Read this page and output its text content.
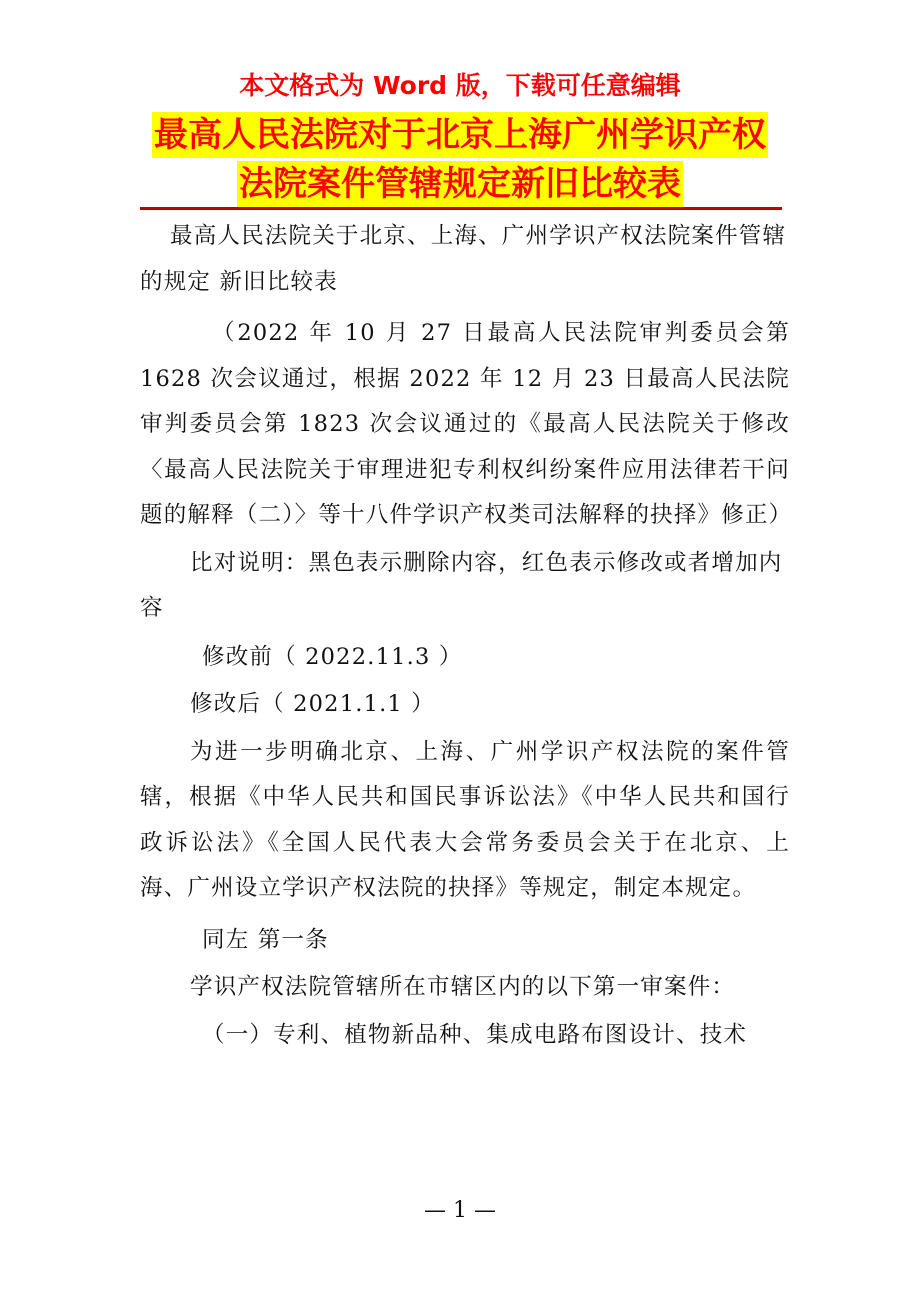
本文格式为 Word 版，下载可任意编辑
最高人民法院对于北京上海广州学识产权
法院案件管辖规定新旧比较表

最高人民法院关于北京、上海、广州学识产权法院案件管辖的规定 新旧比较表

（2022 年 10 月 27 日最高人民法院审判委员会第 1628 次会议通过，根据 2022 年 12 月 23 日最高人民法院审判委员会第 1823 次会议通过的《最高人民法院关于修改〈最高人民法院关于审理进犯专利权纠纷案件应用法律若干问题的解释（二）〉等十八件学识产权类司法解释的抉择》修正）

比对说明：黑色表示删除内容，红色表示修改或者增加内容

修改前（ 2022.11.3 ）

修改后（ 2021.1.1 ）

为进一步明确北京、上海、广州学识产权法院的案件管辖，根据《中华人民共和国民事诉讼法》《中华人民共和国行政诉讼法》《全国人民代表大会常务委员会关于在北京、上海、广州设立学识产权法院的抉择》等规定，制定本规定。

同左 第一条

学识产权法院管辖所在市辖区内的以下第一审案件：

（一）专利、植物新品种、集成电路布图设计、技术

— 1 —
